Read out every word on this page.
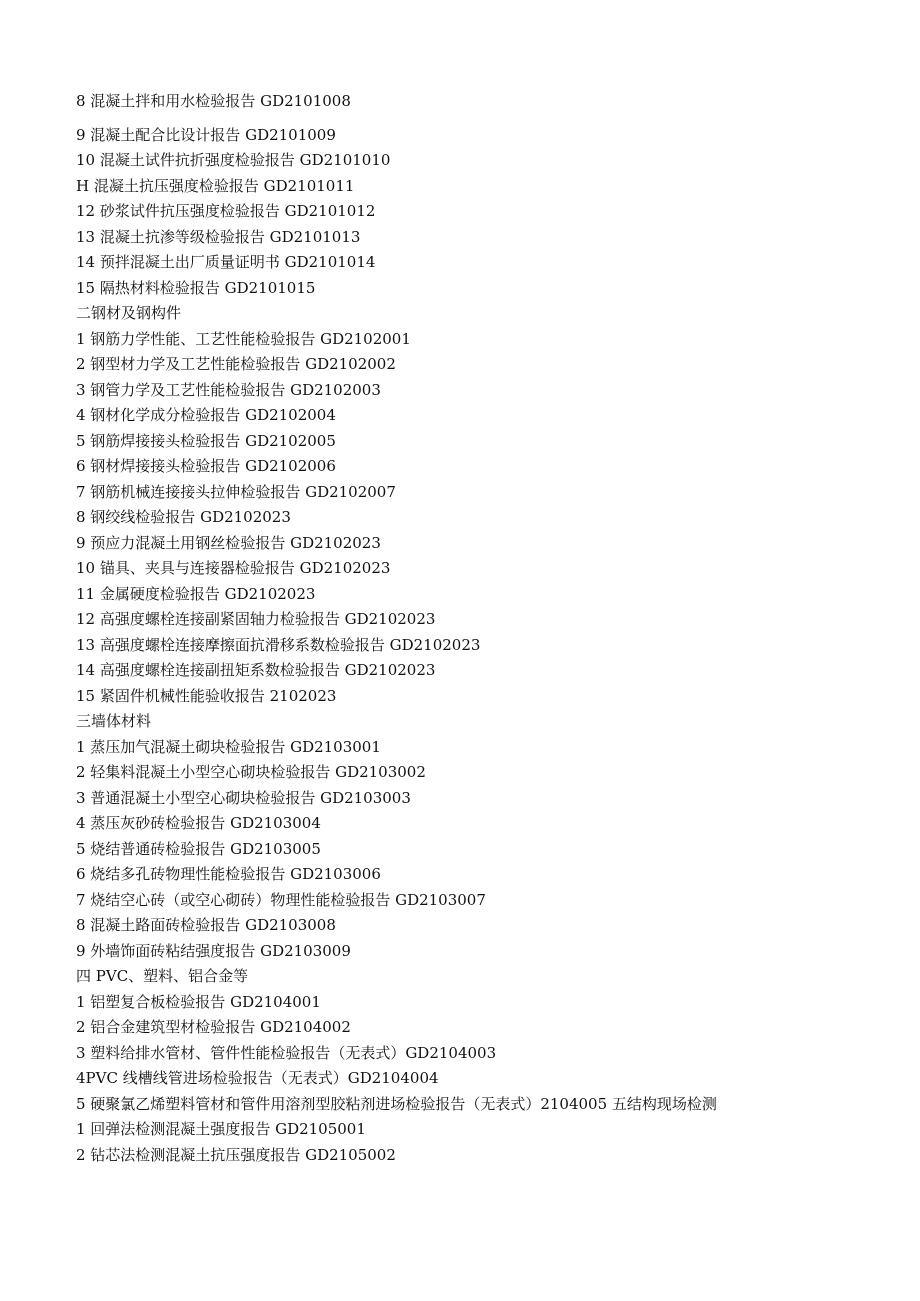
8 混凝土拌和用水检验报告 GD2101008

9 混凝土配合比设计报告 GD2101009

10 混凝土试件抗折强度检验报告 GD2101010

H 混凝土抗压强度检验报告 GD2101011

12 砂浆试件抗压强度检验报告 GD2101012

13 混凝土抗渗等级检验报告 GD2101013

14 预拌混凝土出厂质量证明书 GD2101014

15 隔热材料检验报告 GD2101015

二钢材及钢构件

1 钢筋力学性能、工艺性能检验报告 GD2102001

2 钢型材力学及工艺性能检验报告 GD2102002

3 钢管力学及工艺性能检验报告 GD2102003

4 钢材化学成分检验报告 GD2102004

5 钢筋焊接接头检验报告 GD2102005

6 钢材焊接接头检验报告 GD2102006

7 钢筋机械连接接头拉伸检验报告 GD2102007

8 钢绞线检验报告 GD2102023

9 预应力混凝土用钢丝检验报告 GD2102023

10 锚具、夹具与连接器检验报告 GD2102023

11 金属硬度检验报告 GD2102023

12 高强度螺栓连接副紧固轴力检验报告 GD2102023

13 高强度螺栓连接摩擦面抗滑移系数检验报告 GD2102023

14 高强度螺栓连接副扭矩系数检验报告 GD2102023

15 紧固件机械性能验收报告 2102023

三墙体材料

1 蒸压加气混凝土砌块检验报告 GD2103001

2 轻集料混凝土小型空心砌块检验报告 GD2103002

3 普通混凝土小型空心砌块检验报告 GD2103003

4 蒸压灰砂砖检验报告 GD2103004

5 烧结普通砖检验报告 GD2103005

6 烧结多孔砖物理性能检验报告 GD2103006

7 烧结空心砖（或空心砌砖）物理性能检验报告 GD2103007

8 混凝土路面砖检验报告 GD2103008

9 外墙饰面砖粘结强度报告 GD2103009

四 PVC、塑料、铝合金等

1 铝塑复合板检验报告 GD2104001

2 铝合金建筑型材检验报告 GD2104002

3 塑料给排水管材、管件性能检验报告（无表式）GD2104003

4PVC 线槽线管进场检验报告（无表式）GD2104004

5 硬聚氯乙烯塑料管材和管件用溶剂型胶粘剂进场检验报告（无表式）2104005 五结构现场检测

1 回弹法检测混凝土强度报告 GD2105001

2 钻芯法检测混凝土抗压强度报告 GD2105002
